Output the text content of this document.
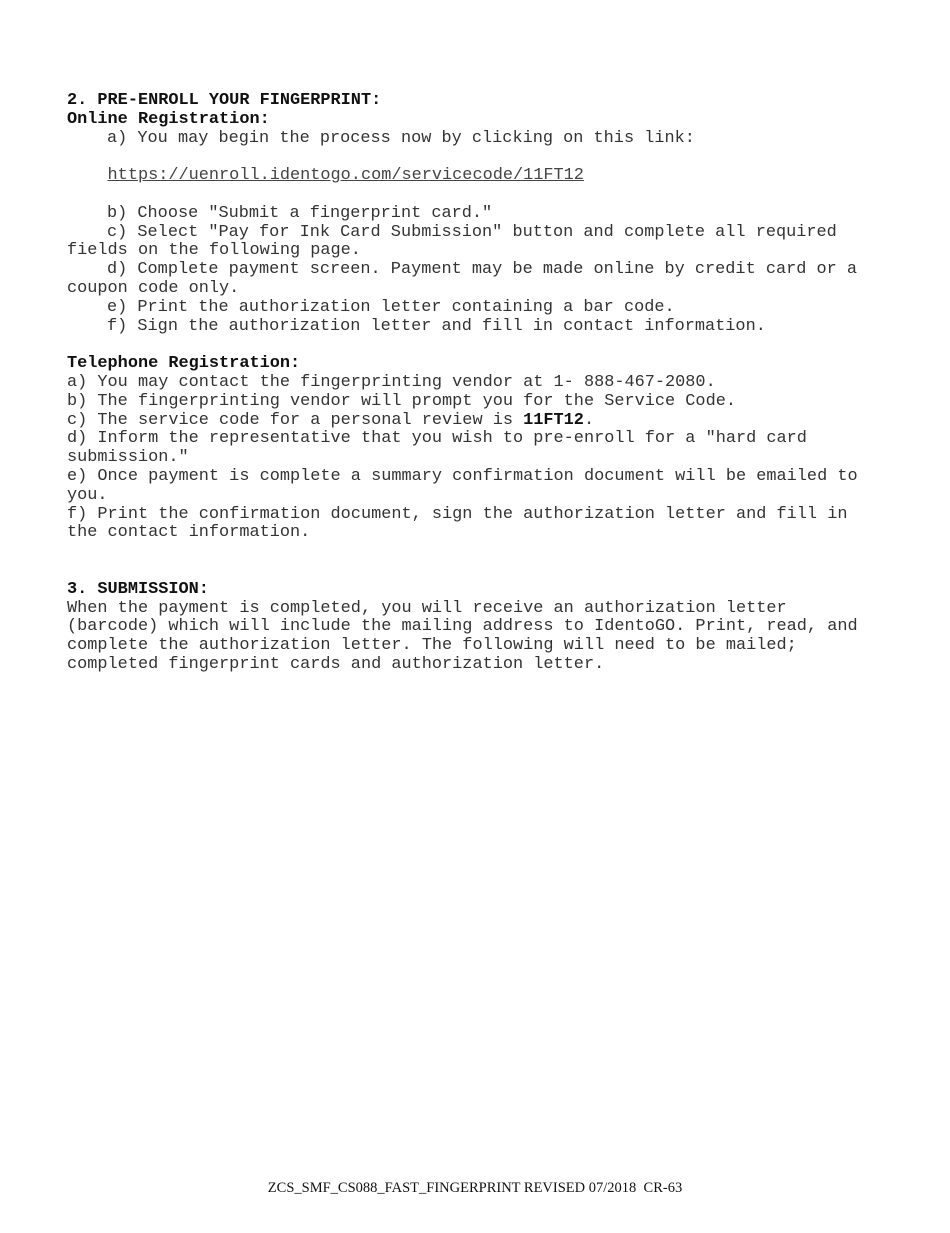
2. PRE-ENROLL YOUR FINGERPRINT:
Online Registration:
a) You may begin the process now by clicking on this link:

https://uenroll.identogo.com/servicecode/11FT12

b) Choose "Submit a fingerprint card."
c) Select "Pay for Ink Card Submission" button and complete all required fields on the following page.
d) Complete payment screen. Payment may be made online by credit card or a coupon code only.
e) Print the authorization letter containing a bar code.
f) Sign the authorization letter and fill in contact information.
Telephone Registration:
a) You may contact the fingerprinting vendor at 1- 888-467-2080.
b) The fingerprinting vendor will prompt you for the Service Code.
c) The service code for a personal review is 11FT12.
d) Inform the representative that you wish to pre-enroll for a "hard card submission."
e) Once payment is complete a summary confirmation document will be emailed to you.
f) Print the confirmation document, sign the authorization letter and fill in the contact information.
3. SUBMISSION:
When the payment is completed, you will receive an authorization letter (barcode) which will include the mailing address to IdentoGO. Print, read, and complete the authorization letter. The following will need to be mailed; completed fingerprint cards and authorization letter.
ZCS_SMF_CS088_FAST_FINGERPRINT REVISED 07/2018  CR-63
